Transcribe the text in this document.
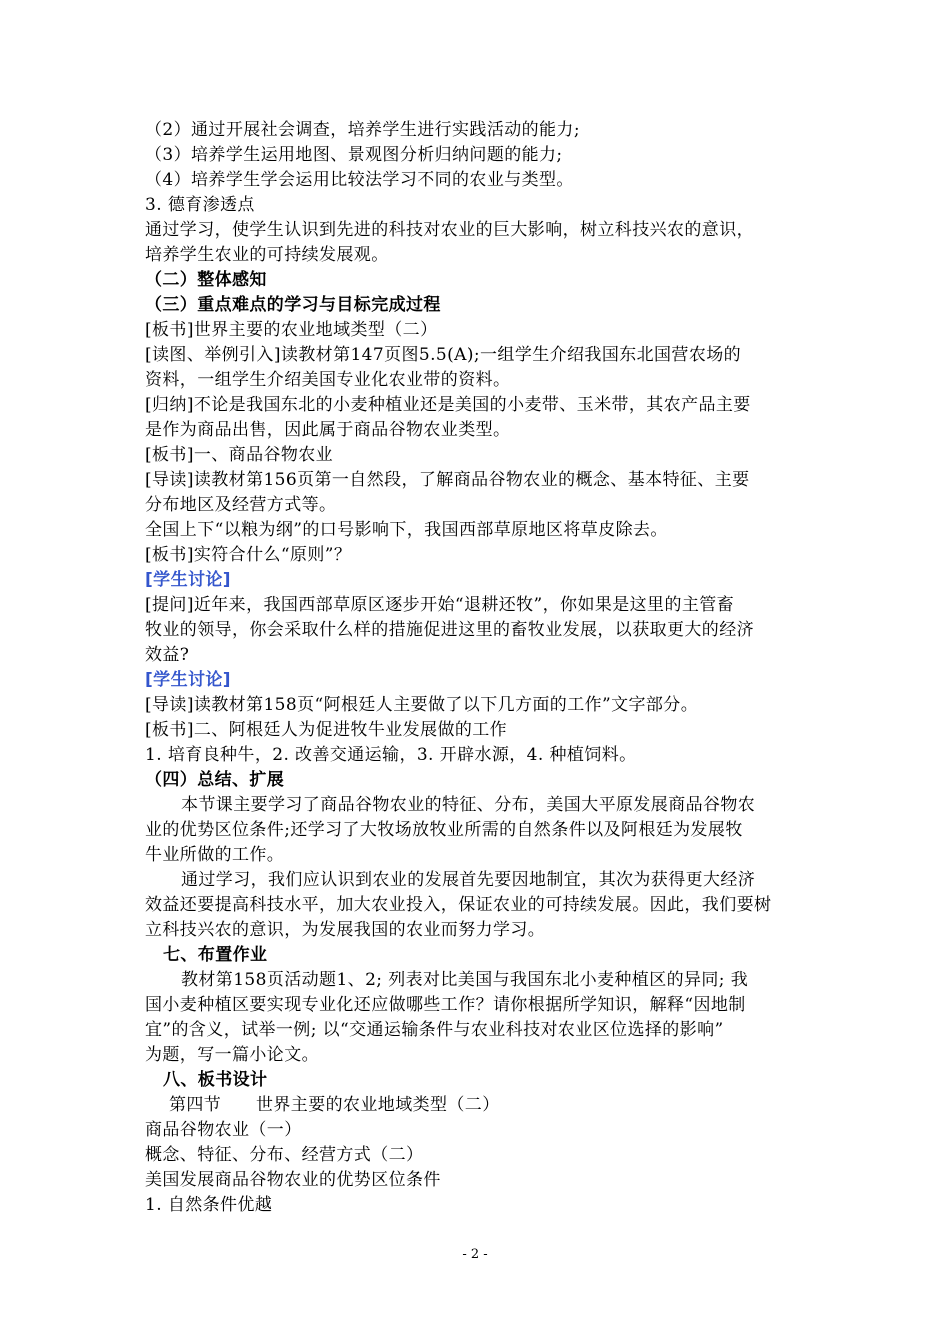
（2）通过开展社会调查，培养学生进行实践活动的能力;
（3）培养学生运用地图、景观图分析归纳问题的能力;
（4）培养学生学会运用比较法学习不同的农业与类型。
3. 德育渗透点
通过学习，使学生认识到先进的科技对农业的巨大影响，树立科技兴农的意识，
培养学生农业的可持续发展观。
（二）整体感知
（三）重点难点的学习与目标完成过程
[板书]世界主要的农业地域类型（二）
[读图、举例引入]读教材第147页图5.5(A);一组学生介绍我国东北国营农场的
资料，一组学生介绍美国专业化农业带的资料。
[归纳]不论是我国东北的小麦种植业还是美国的小麦带、玉米带，其农产品主要
是作为商品出售，因此属于商品谷物农业类型。
[板书]一、商品谷物农业
[导读]读教材第156页第一自然段，了解商品谷物农业的概念、基本特征、主要
分布地区及经营方式等。
全国上下“以粮为纲”的口号影响下，我国西部草原地区将草皮除去。
[板书]实符合什么“原则”？
[学生讨论]
[提问]近年来，我国西部草原区逐步开始“退耕还牧”，你如果是这里的主管畜
牧业的领导，你会采取什么样的措施促进这里的畜牧业发展，以获取更大的经济
效益?
[学生讨论]
[导读]读教材第158页“阿根廷人主要做了以下几方面的工作”文字部分。
[板书]二、阿根廷人为促进牧牛业发展做的工作
1. 培育良种牛，2. 改善交通运输，3. 开辟水源，4. 种植饲料。
（四）总结、扩展
本节课主要学习了商品谷物农业的特征、分布，美国大平原发展商品谷物农
业的优势区位条件;还学习了大牧场放牧业所需的自然条件以及阿根廷为发展牧
牛业所做的工作。
通过学习，我们应认识到农业的发展首先要因地制宜，其次为获得更大经济
效益还要提高科技水平，加大农业投入，保证农业的可持续发展。因此，我们要树
立科技兴农的意识，为发展我国的农业而努力学习。
七、布置作业
教材第158页活动题1、2; 列表对比美国与我国东北小麦种植区的异同; 我
国小麦种植区要实现专业化还应做哪些工作？请你根据所学知识，解释“因地制
宜”的含义，试举一例; 以“交通运输条件与农业科技对农业区位选择的影响”
为题，写一篇小论文。
八、板书设计
第四节　　世界主要的农业地域类型（二）
商品谷物农业（一）
概念、特征、分布、经营方式（二）
美国发展商品谷物农业的优势区位条件
1. 自然条件优越
- 2 -
